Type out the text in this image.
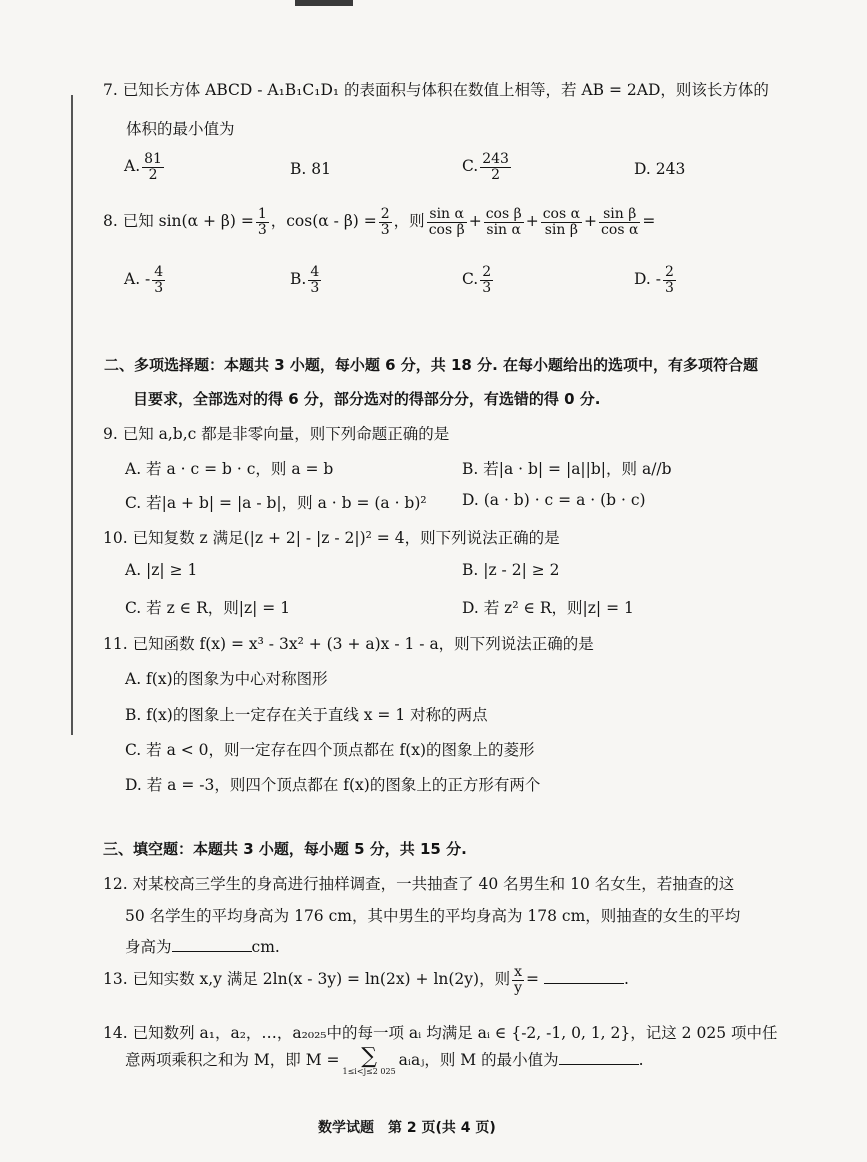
7. 已知长方体 ABCD - A₁B₁C₁D₁ 的表面积与体积在数值上相等，若 AB = 2AD，则该长方体的
体积的最小值为
A. $\frac{81}{2}$	B. 81	C. $\frac{243}{2}$	D. 243
8. 已知 $\sin(\alpha + \beta) = \frac{1}{3}$ ，$\cos(\alpha - \beta) = \frac{2}{3}$ ，则 $\frac{\text{sin α}}{\text{cos β}} + \frac{\text{cos β}}{\text{sin α}} + \frac{\text{cos α}}{\text{sin β}} + \frac{\text{sin β}}{\text{cos α}}$ =
A. - $\frac{4}{3}$	B. $\frac{4}{3}$	C. $\frac{2}{3}$	D. - $\frac{2}{3}$
二、多项选择题：本题共 3 小题，每小题 6 分，共 18 分. 在每小题给出的选项中，有多项符合题
目要求，全部选对的得 6 分，部分选对的得部分分，有选错的得 0 分.
9. 已知 a,b,c 都是非零向量，则下列命题正确的是
A. 若 a · c = b · c，则 a = b	B. 若|a · b| = |a||b|，则 a//b
C. 若|a + b| = |a - b|，则 a · b = (a · b)² D. (a · b) · c = a · (b · c)
10. 已知复数 z 满足(|z + 2| - |z - 2|)² = 4，则下列说法正确的是
A. |z| ≥ 1	B. |z - 2| ≥ 2
C. 若 z ∈ R，则|z| = 1	D. 若 z² ∈ R，则|z| = 1
11. 已知函数 f(x) = x³ - 3x² + (3 + a)x - 1 - a，则下列说法正确的是
A. f(x)的图象为中心对称图形
B. f(x)的图象上一定存在关于直线 x = 1 对称的两点
C. 若 a < 0，则一定存在四个顶点都在 f(x)的图象上的菱形
D. 若 a = -3，则四个顶点都在 f(x)的图象上的正方形有两个
三、填空题：本题共 3 小题，每小题 5 分，共 15 分.
12. 对某校高三学生的身高进行抽样调查，一共抽查了 40 名男生和 10 名女生，若抽查的这
50 名学生的平均身高为 176 cm，其中男生的平均身高为 178 cm，则抽查的女生的平均
身高为	cm.
13. 已知实数 x,y 满足 2ln(x - 3y) = ln(2x) + ln(2y)，则 $\frac{x}{y}$ =	.
14. 已知数列 a₁，a₂，…，a₂₀₂₅中的每一项 aᵢ 均满足 aᵢ ∈ {-2, -1, 0, 1, 2}，记这 2 025 项中任
意两项乘积之和为 M，即 M = ∑
1≤i<j≤2 025
aᵢaⱼ，则 M 的最小值为	.
数学试题　第 2 页(共 4 页)
